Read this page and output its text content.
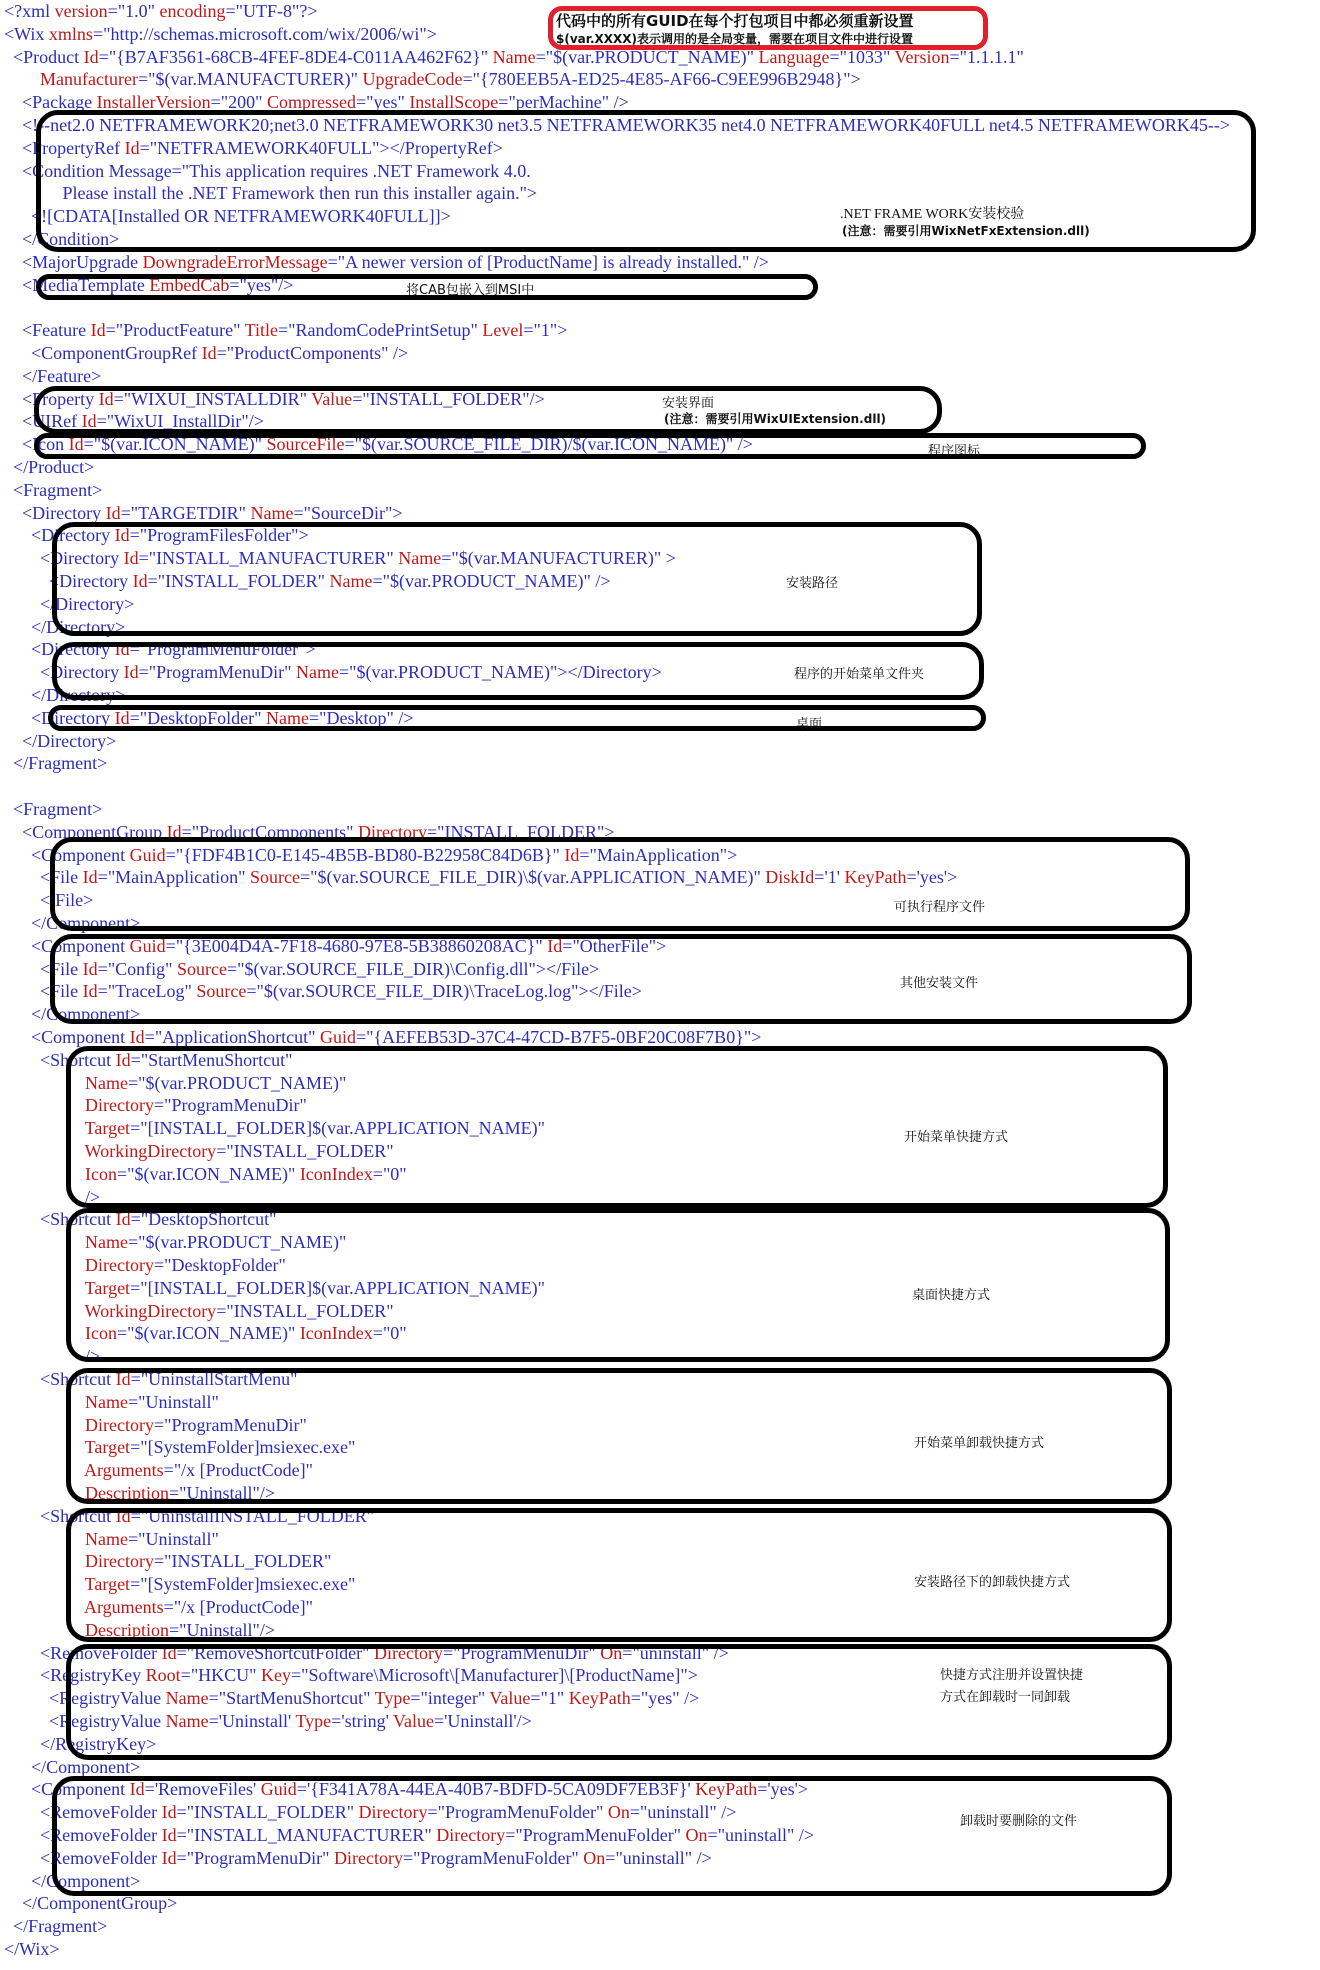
<?xml version="1.0" encoding="UTF-8"?>
<Wix xmlns="http://schemas.microsoft.com/wix/2006/wi">
<Product Id="{B7AF3561-68CB-4FEF-8DE4-C011AA462F62}" Name="$(var.PRODUCT_NAME)" Language="1033" Version="1.1.1.1"
Manufacturer="$(var.MANUFACTURER)" UpgradeCode="{780EEB5A-ED25-4E85-AF66-C9EE996B2948}">
<Package InstallerVersion="200" Compressed="yes" InstallScope="perMachine" />
<!--net2.0 NETFRAMEWORK20;net3.0 NETFRAMEWORK30 net3.5 NETFRAMEWORK35 net4.0 NETFRAMEWORK40FULL net4.5 NETFRAMEWORK45-->
<PropertyRef Id="NETFRAMEWORK40FULL"></PropertyRef>
<Condition Message="This application requires .NET Framework 4.0.
Please install the .NET Framework then run this installer again.">
<![CDATA[Installed OR NETFRAMEWORK40FULL]]>
</Condition>
<MajorUpgrade DowngradeErrorMessage="A newer version of [ProductName] is already installed." />
<MediaTemplate EmbedCab="yes"/>
<Feature Id="ProductFeature" Title="RandomCodePrintSetup" Level="1">
<ComponentGroupRef Id="ProductComponents" />
</Feature>
<Property Id="WIXUI_INSTALLDIR" Value="INSTALL_FOLDER"/>
<UIRef Id="WixUI_InstallDir"/>
<Icon Id="$(var.ICON_NAME)" SourceFile="$(var.SOURCE_FILE_DIR)/$(var.ICON_NAME)" />
</Product>
<Fragment>
<Directory Id="TARGETDIR" Name="SourceDir">
<Directory Id="ProgramFilesFolder">
<Directory Id="INSTALL_MANUFACTURER" Name="$(var.MANUFACTURER)" >
<Directory Id="INSTALL_FOLDER" Name="$(var.PRODUCT_NAME)" />
</Directory>
</Directory>
<Directory Id="ProgramMenuFolder">
<Directory Id="ProgramMenuDir" Name="$(var.PRODUCT_NAME)"></Directory>
</Directory>
<Directory Id="DesktopFolder" Name="Desktop" />
</Directory>
</Fragment>
<Fragment>
<ComponentGroup Id="ProductComponents" Directory="INSTALL_FOLDER">
<Component Guid="{FDF4B1C0-E145-4B5B-BD80-B22958C84D6B}" Id="MainApplication">
<File Id="MainApplication" Source="$(var.SOURCE_FILE_DIR)\$(var.APPLICATION_NAME)" DiskId='1' KeyPath='yes'>
</File>
</Component>
<Component Guid="{3E004D4A-7F18-4680-97E8-5B38860208AC}" Id="OtherFile">
<File Id="Config" Source="$(var.SOURCE_FILE_DIR)\Config.dll"></File>
<File Id="TraceLog" Source="$(var.SOURCE_FILE_DIR)\TraceLog.log"></File>
</Component>
<Component Id="ApplicationShortcut" Guid="{AEFEB53D-37C4-47CD-B7F5-0BF20C08F7B0}">
<Shortcut Id="StartMenuShortcut"
Name="$(var.PRODUCT_NAME)"
Directory="ProgramMenuDir"
Target="[INSTALL_FOLDER]$(var.APPLICATION_NAME)"
WorkingDirectory="INSTALL_FOLDER"
Icon="$(var.ICON_NAME)" IconIndex="0"
/>
<Shortcut Id="DesktopShortcut"
Name="$(var.PRODUCT_NAME)"
Directory="DesktopFolder"
Target="[INSTALL_FOLDER]$(var.APPLICATION_NAME)"
WorkingDirectory="INSTALL_FOLDER"
Icon="$(var.ICON_NAME)" IconIndex="0"
/>
<Shortcut Id="UninstallStartMenu"
Name="Uninstall"
Directory="ProgramMenuDir"
Target="[SystemFolder]msiexec.exe"
Arguments="/x [ProductCode]"
Description="Uninstall"/>
<Shortcut Id="UninstallINSTALL_FOLDER"
Name="Uninstall"
Directory="INSTALL_FOLDER"
Target="[SystemFolder]msiexec.exe"
Arguments="/x [ProductCode]"
Description="Uninstall"/>
<RemoveFolder Id="RemoveShortcutFolder" Directory="ProgramMenuDir" On="uninstall" />
<RegistryKey Root="HKCU" Key="Software\Microsoft\[Manufacturer]\[ProductName]">
<RegistryValue Name="StartMenuShortcut" Type="integer" Value="1" KeyPath="yes" />
<RegistryValue Name='Uninstall' Type='string' Value='Uninstall'/>
</RegistryKey>
</Component>
<Component Id='RemoveFiles' Guid='{F341A78A-44EA-40B7-BDFD-5CA09DF7EB3F}' KeyPath='yes'>
<RemoveFolder Id="INSTALL_FOLDER" Directory="ProgramMenuFolder" On="uninstall" />
<RemoveFolder Id="INSTALL_MANUFACTURER" Directory="ProgramMenuFolder" On="uninstall" />
<RemoveFolder Id="ProgramMenuDir" Directory="ProgramMenuFolder" On="uninstall" />
</Component>
</ComponentGroup>
</Fragment>
</Wix>
代码中的所有GUID在每个打包项目中都必须重新设置
$(var.XXXX)表示调用的是全局变量，需要在项目文件中进行设置
.NET FRAME WORK安装校验
(注意：需要引用WixNetFxExtension.dll)
将CAB包嵌入到MSI中
安装界面
(注意：需要引用WixUIExtension.dll)
程序图标
安装路径
程序的开始菜单文件夹
桌面
可执行程序文件
其他安装文件
开始菜单快捷方式
桌面快捷方式
开始菜单卸载快捷方式
安装路径下的卸载快捷方式
快捷方式注册并设置快捷
方式在卸载时一同卸载
卸载时要删除的文件
